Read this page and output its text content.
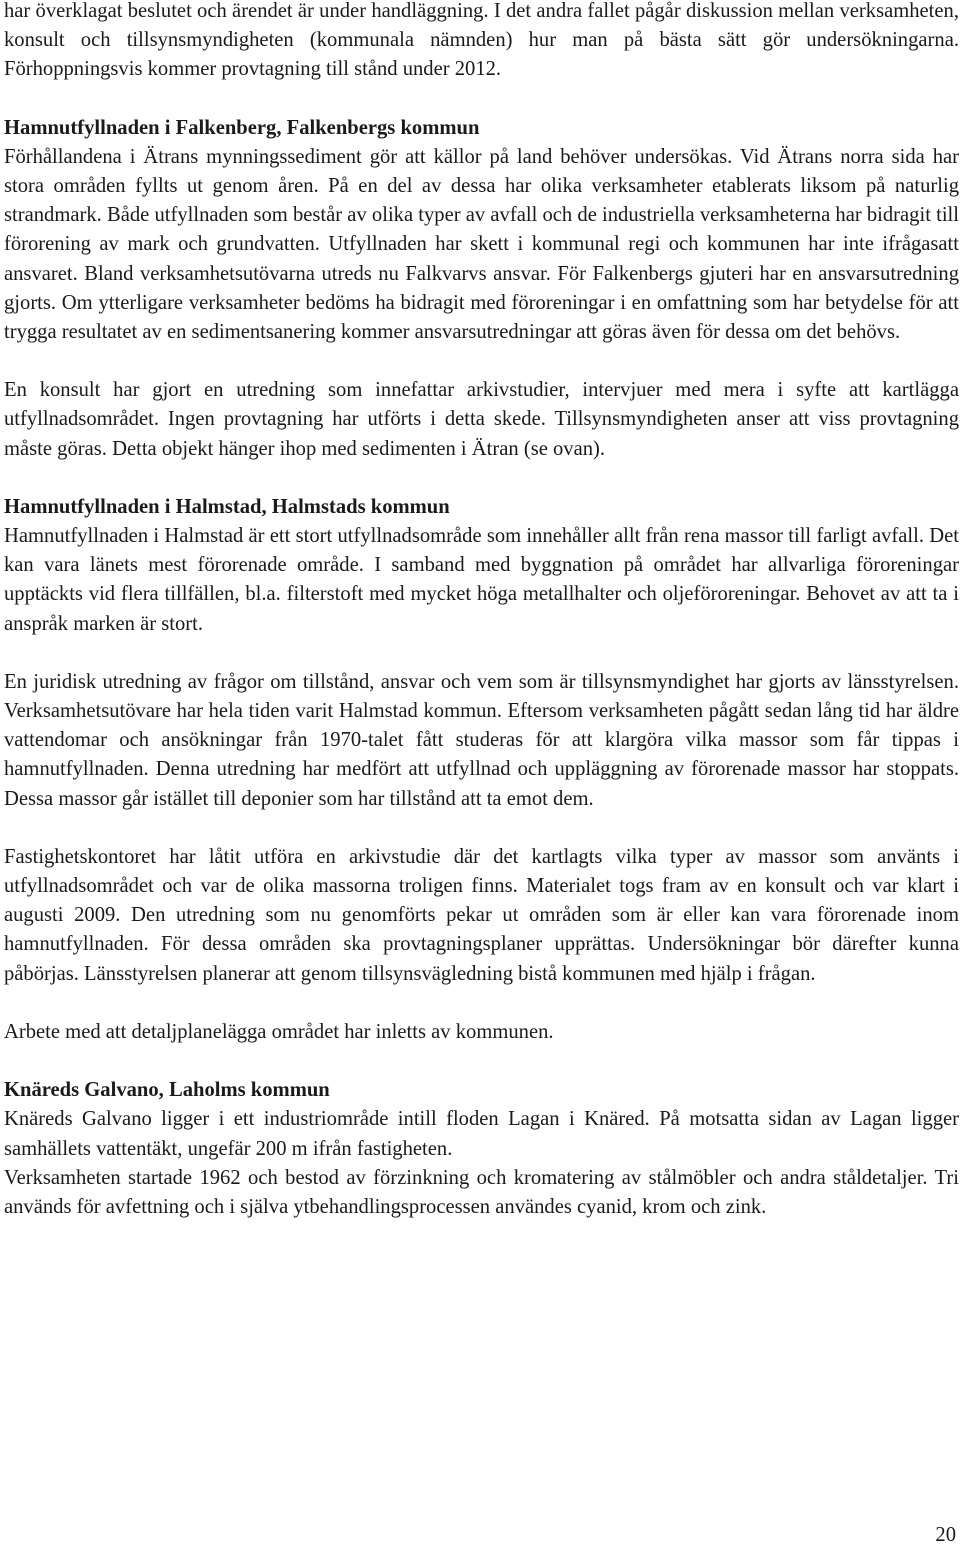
har överklagat beslutet och ärendet är under handläggning. I det andra fallet pågår diskussion mellan verksamheten, konsult och tillsynsmyndigheten (kommunala nämnden) hur man på bästa sätt gör undersökningarna. Förhoppningsvis kommer provtagning till stånd under 2012.

Hamnutfyllnaden i Falkenberg, Falkenbergs kommun

Förhållandena i Ätrans mynningssediment gör att källor på land behöver undersökas. Vid Ätrans norra sida har stora områden fyllts ut genom åren. På en del av dessa har olika verksamheter etablerats liksom på naturlig strandmark. Både utfyllnaden som består av olika typer av avfall och de industriella verksamheterna har bidragit till förorening av mark och grundvatten. Utfyllnaden har skett i kommunal regi och kommunen har inte ifrågasatt ansvaret. Bland verksamhetsutövarna utreds nu Falkvarvs ansvar. För Falkenbergs gjuteri har en ansvarsutredning gjorts. Om ytterligare verksamheter bedöms ha bidragit med föroreningar i en omfattning som har betydelse för att trygga resultatet av en sedimentsanering kommer ansvarsutredningar att göras även för dessa om det behövs.

En konsult har gjort en utredning som innefattar arkivstudier, intervjuer med mera i syfte att kartlägga utfyllnadsområdet. Ingen provtagning har utförts i detta skede. Tillsynsmyndigheten anser att viss provtagning måste göras. Detta objekt hänger ihop med sedimenten i Ätran (se ovan).

Hamnutfyllnaden i Halmstad, Halmstads kommun

Hamnutfyllnaden i Halmstad är ett stort utfyllnadsområde som innehåller allt från rena massor till farligt avfall. Det kan vara länets mest förorenade område. I samband med byggnation på området har allvarliga föroreningar upptäckts vid flera tillfällen, bl.a. filterstoft med mycket höga metallhalter och oljeföroreningar. Behovet av att ta i anspråk marken är stort.

En juridisk utredning av frågor om tillstånd, ansvar och vem som är tillsynsmyndighet har gjorts av länsstyrelsen. Verksamhetsutövare har hela tiden varit Halmstad kommun. Eftersom verksamheten pågått sedan lång tid har äldre vattendomar och ansökningar från 1970-talet fått studeras för att klargöra vilka massor som får tippas i hamnutfyllnaden. Denna utredning har medfört att utfyllnad och uppläggning av förorenade massor har stoppats. Dessa massor går istället till deponier som har tillstånd att ta emot dem.

Fastighetskontoret har låtit utföra en arkivstudie där det kartlagts vilka typer av massor som använts i utfyllnadsområdet och var de olika massorna troligen finns. Materialet togs fram av en konsult och var klart i augusti 2009. Den utredning som nu genomförts pekar ut områden som är eller kan vara förorenade inom hamnutfyllnaden. För dessa områden ska provtagningsplaner upprättas. Undersökningar bör därefter kunna påbörjas. Länsstyrelsen planerar att genom tillsynsvägledning bistå kommunen med hjälp i frågan.

Arbete med att detaljplanelägga området har inletts av kommunen.

Knäreds Galvano, Laholms kommun

Knäreds Galvano ligger i ett industriområde intill floden Lagan i Knäred. På motsatta sidan av Lagan ligger samhällets vattentäkt, ungefär 200 m ifrån fastigheten.

Verksamheten startade 1962 och bestod av förzinkning och kromatering av stålmöbler och andra ståldetaljer. Tri används för avfettning och i själva ytbehandlingsprocessen användes cyanid, krom och zink.

20
